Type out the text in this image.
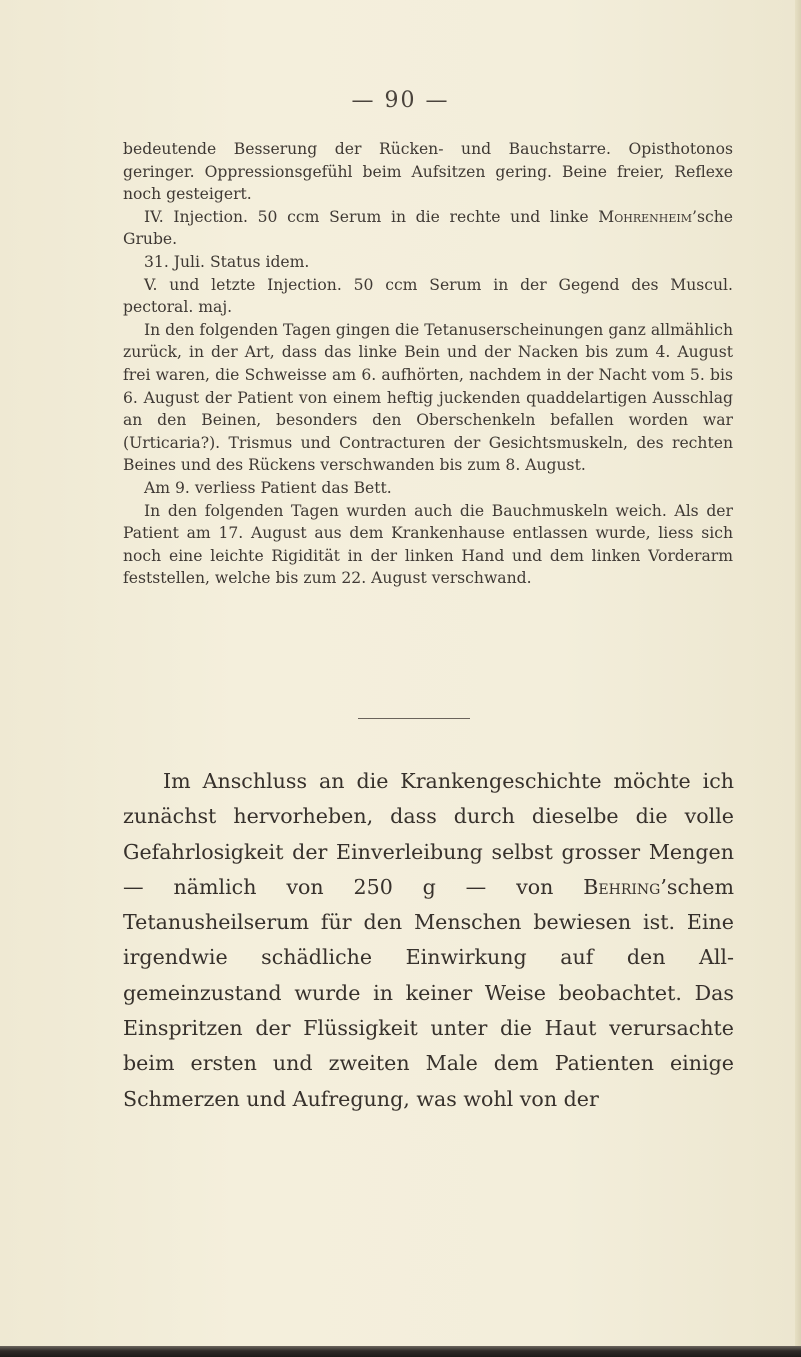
— 90 —

bedeutende Besserung der Rücken- und Bauchstarre. Opisthotonos geringer. Oppressionsgefühl beim Aufsitzen gering. Beine freier, Reflexe noch gesteigert.

IV. Injection. 50 ccm Serum in die rechte und linke Mohrenheim’sche Grube.

31. Juli. Status idem.

V. und letzte Injection. 50 ccm Serum in der Gegend des Muscul. pectoral. maj.

In den folgenden Tagen gingen die Tetanuserscheinungen ganz allmählich zurück, in der Art, dass das linke Bein und der Nacken bis zum 4. August frei waren, die Schweisse am 6. aufhörten, nachdem in der Nacht vom 5. bis 6. August der Patient von einem heftig juckenden quaddelartigen Ausschlag an den Beinen, besonders den Oberschenkeln befallen worden war (Urticaria?). Trismus und Contracturen der Gesichtsmuskeln, des rechten Beines und des Rückens verschwanden bis zum 8. August.

Am 9. verliess Patient das Bett.

In den folgenden Tagen wurden auch die Bauchmuskeln weich. Als der Patient am 17. August aus dem Krankenhause entlassen wurde, liess sich noch eine leichte Rigidität in der linken Hand und dem linken Vorderarm feststellen, welche bis zum 22. August verschwand.

Im Anschluss an die Krankengeschichte möchte ich zunächst hervorheben, dass durch dieselbe die volle Gefahrlosigkeit der Einverleibung selbst grosser Mengen — nämlich von 250 g — von Behring’schem Tetanusheilserum für den Menschen bewiesen ist. Eine irgendwie schädliche Einwirkung auf den Allgemeinzustand wurde in keiner Weise beobachtet. Das Einspritzen der Flüssigkeit unter die Haut verursachte beim ersten und zweiten Male dem Patienten einige Schmerzen und Aufregung, was wohl von der
